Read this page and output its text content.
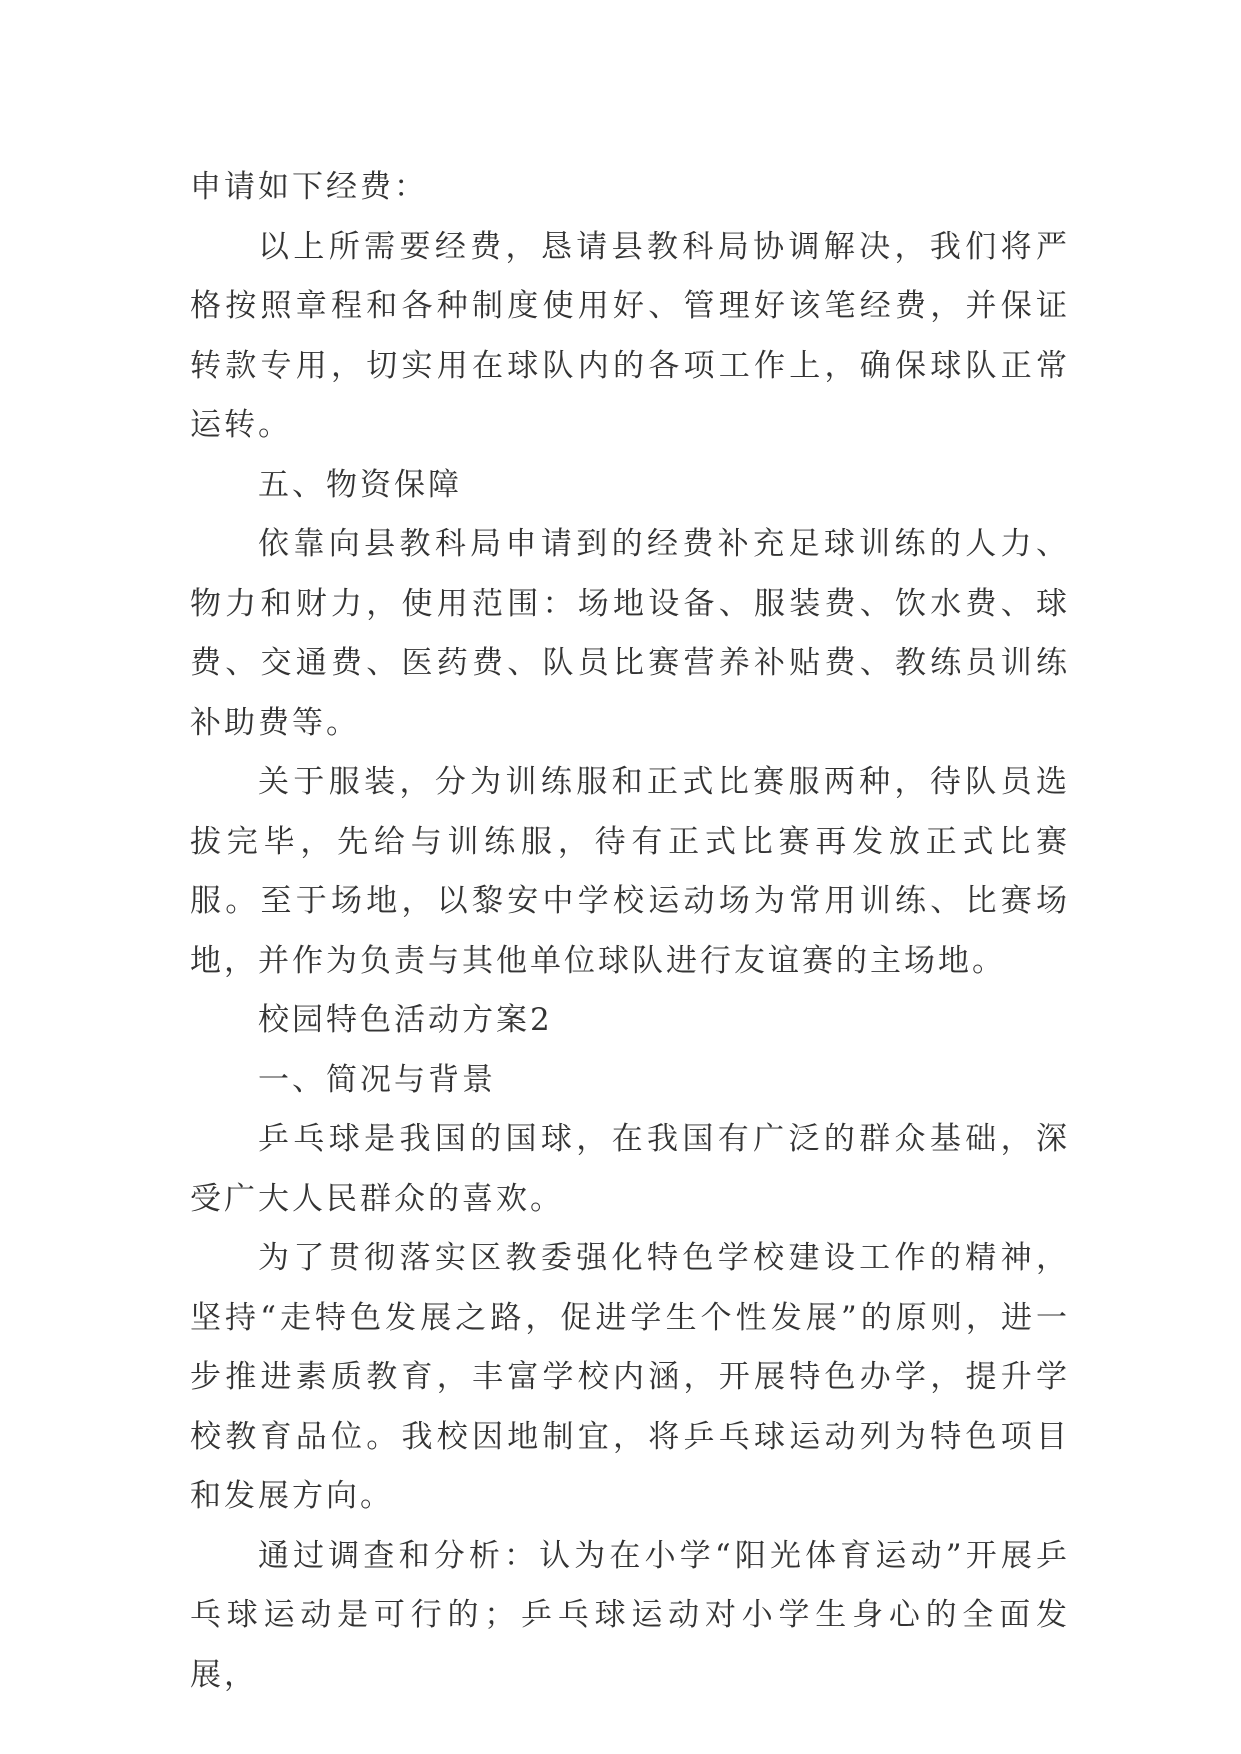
申请如下经费：

以上所需要经费，恳请县教科局协调解决，我们将严格按照章程和各种制度使用好、管理好该笔经费，并保证转款专用，切实用在球队内的各项工作上，确保球队正常运转。

五、物资保障

依靠向县教科局申请到的经费补充足球训练的人力、物力和财力，使用范围：场地设备、服装费、饮水费、球费、交通费、医药费、队员比赛营养补贴费、教练员训练补助费等。

关于服装，分为训练服和正式比赛服两种，待队员选拔完毕，先给与训练服，待有正式比赛再发放正式比赛服。至于场地，以黎安中学校运动场为常用训练、比赛场地，并作为负责与其他单位球队进行友谊赛的主场地。

校园特色活动方案2

一、简况与背景

乒乓球是我国的国球，在我国有广泛的群众基础，深受广大人民群众的喜欢。

为了贯彻落实区教委强化特色学校建设工作的精神，坚持“走特色发展之路，促进学生个性发展”的原则，进一步推进素质教育，丰富学校内涵，开展特色办学，提升学校教育品位。我校因地制宜，将乒乓球运动列为特色项目和发展方向。

通过调查和分析：认为在小学“阳光体育运动”开展乒乓球运动是可行的；乒乓球运动对小学生身心的全面发展，
